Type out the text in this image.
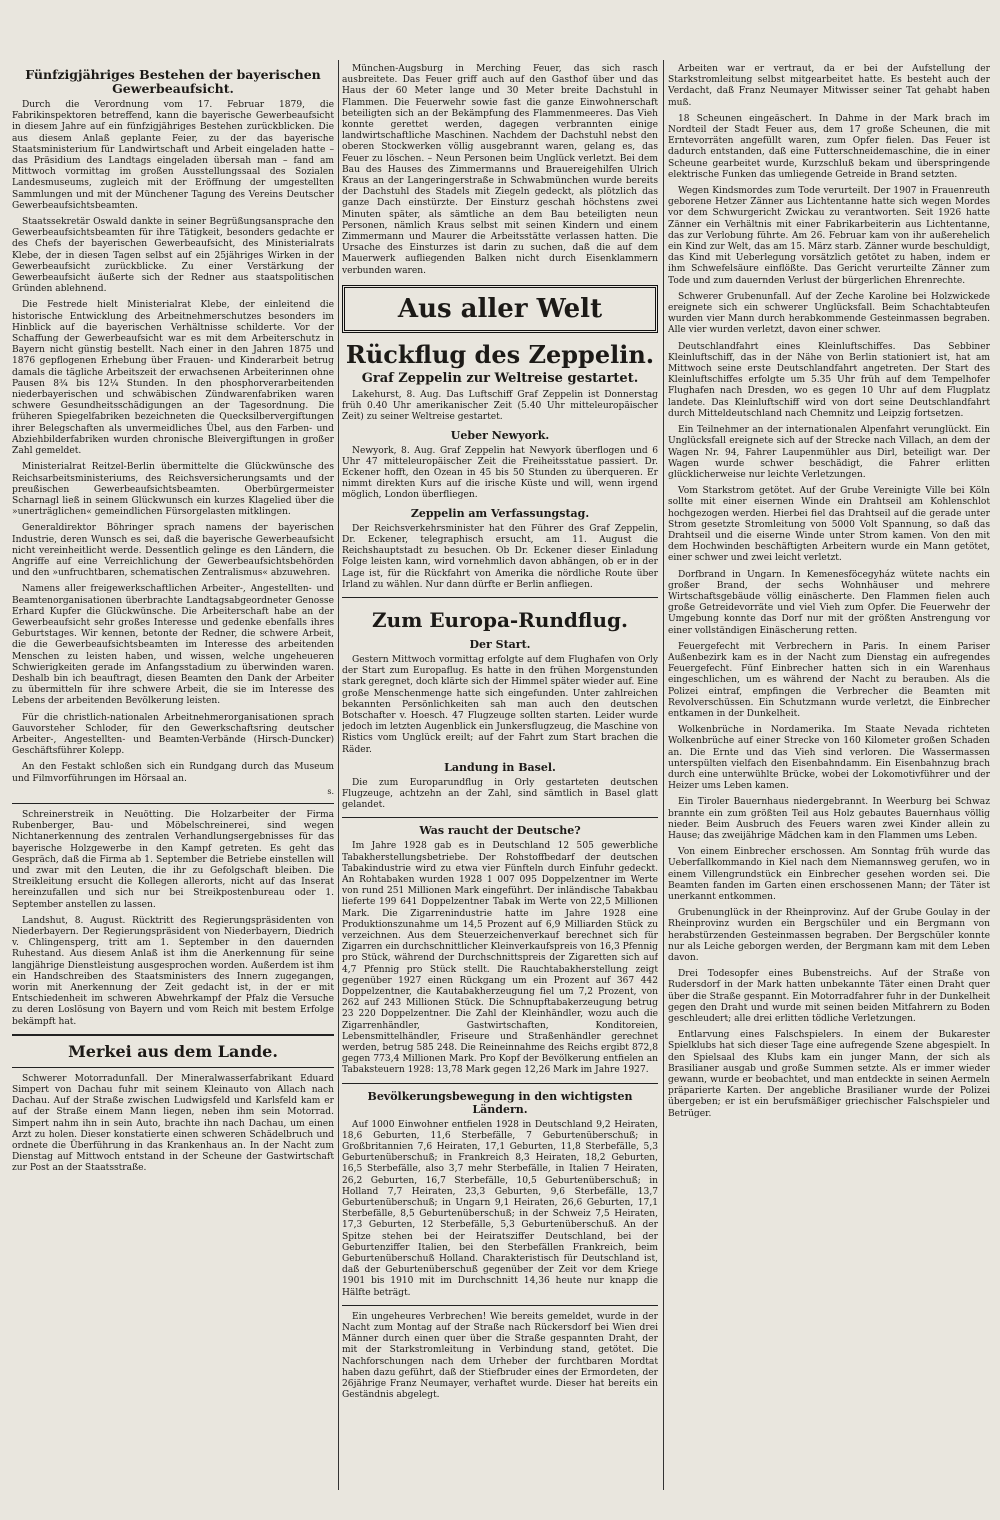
Fünfzigjähriges Bestehen der bayerischen Gewerbeaufsicht.

Durch die Verordnung vom 17. Februar 1879, die Fabrikinspektoren betreffend, kann die bayerische Gewerbeaufsicht in diesem Jahre auf ein fünfzigjähriges Bestehen zurückblicken. Die aus diesem Anlaß geplante Feier, zu der das bayerische Staatsministerium für Landwirtschaft und Arbeit eingeladen hatte – das Präsidium des Landtags eingeladen übersah man – fand am Mittwoch vormittag im großen Ausstellungssaal des Sozialen Landesmuseums, zugleich mit der Eröffnung der umgestellten Sammlungen und mit der Münchener Tagung des Vereins Deutscher Gewerbeaufsichtsbeamten.

Staatssekretär Oswald dankte in seiner Begrüßungsansprache den Gewerbeaufsichtsbeamten für ihre Tätigkeit, besonders gedachte er des Chefs der bayerischen Gewerbeaufsicht, des Ministerialrats Klebe, der in diesen Tagen selbst auf ein 25jähriges Wirken in der Gewerbeaufsicht zurückblicke. Zu einer Verstärkung der Gewerbeaufsicht äußerte sich der Redner aus staatspolitischen Gründen ablehnend.

Die Festrede hielt Ministerialrat Klebe, der einleitend die historische Entwicklung des Arbeitnehmerschutzes besonders im Hinblick auf die bayerischen Verhältnisse schilderte. Vor der Schaffung der Gewerbeaufsicht war es mit dem Arbeiterschutz in Bayern nicht günstig bestellt. Nach einer in den Jahren 1875 und 1876 gepflogenen Erhebung über Frauen- und Kinderarbeit betrug damals die tägliche Arbeitszeit der erwachsenen Arbeiterinnen ohne Pausen 8¾ bis 12¼ Stunden. In den phosphorverarbeitenden niederbayerischen und schwäbischen Zündwarenfabriken waren schwere Gesundheitsschädigungen an der Tagesordnung. Die früheren Spiegelfabriken bezeichneten die Quecksilbervergiftungen ihrer Belegschaften als unvermeidliches Übel, aus den Farben- und Abziehbilderfabriken wurden chronische Bleivergiftungen in großer Zahl gemeldet.

Ministerialrat Reitzel-Berlin übermittelte die Glückwünsche des Reichsarbeitsministeriums, des Reichsversicherungsamts und der preußischen Gewerbeaufsichtsbeamten. Oberbürgermeister Scharnagl ließ in seinem Glückwunsch ein kurzes Klagelied über die »unerträglichen« gemeindlichen Fürsorgelasten mitklingen.

Generaldirektor Böhringer sprach namens der bayerischen Industrie, deren Wunsch es sei, daß die bayerische Gewerbeaufsicht nicht vereinheitlicht werde. Dessentlich gelinge es den Ländern, die Angriffe auf eine Verreichlichung der Gewerbeaufsichtsbehörden und den »unfruchtbaren, schematischen Zentralismus« abzuwehren.

Namens aller freigewerkschaftlichen Arbeiter-, Angestellten- und Beamtenorganisationen überbrachte Landtagsabgeordneter Genosse Erhard Kupfer die Glückwünsche. Die Arbeiterschaft habe an der Gewerbeaufsicht sehr großes Interesse und gedenke ebenfalls ihres Geburtstages. Wir kennen, betonte der Redner, die schwere Arbeit, die die Gewerbeaufsichtsbeamten im Interesse des arbeitenden Menschen zu leisten haben, und wissen, welche ungeheueren Schwierigkeiten gerade im Anfangsstadium zu überwinden waren. Deshalb bin ich beauftragt, diesen Beamten den Dank der Arbeiter zu übermitteln für ihre schwere Arbeit, die sie im Interesse des Lebens der arbeitenden Bevölkerung leisten.

Für die christlich-nationalen Arbeitnehmerorganisationen sprach Gauvorsteher Schloder, für den Gewerkschaftsring deutscher Arbeiter-, Angestellten- und Beamten-Verbände (Hirsch-Duncker) Geschäftsführer Kolepp.

An den Festakt schloßen sich ein Rundgang durch das Museum und Filmvorführungen im Hörsaal an.

s.

Schreinerstreik in Neuötting. Die Holzarbeiter der Firma Rubenberger, Bau- und Möbelschreinerei, sind wegen Nichtanerkennung des zentralen Verhandlungsergebnisses für das bayerische Holzgewerbe in den Kampf getreten. Es geht das Gespräch, daß die Firma ab 1. September die Betriebe einstellen will und zwar mit den Leuten, die ihr zu Gefolgschaft bleiben. Die Streikleitung ersucht die Kollegen allerorts, nicht auf das Inserat hereinzufallen und sich nur bei Streikpostenbureau oder 1. September anstellen zu lassen.

Landshut, 8. August. Rücktritt des Regierungspräsidenten von Niederbayern. Der Regierungspräsident von Niederbayern, Diedrich v. Chlingensperg, tritt am 1. September in den dauernden Ruhestand. Aus diesem Anlaß ist ihm die Anerkennung für seine langjährige Dienstleistung ausgesprochen worden. Außerdem ist ihm ein Handschreiben des Staatsministers des Innern zugegangen, worin mit Anerkennung der Zeit gedacht ist, in der er mit Entschiedenheit im schweren Abwehrkampf der Pfalz die Versuche zu deren Loslösung von Bayern und vom Reich mit bestem Erfolge bekämpft hat.

Merkei aus dem Lande.

Schwerer Motorradunfall. Der Mineralwasserfabrikant Eduard Simpert von Dachau fuhr mit seinem Kleinauto von Allach nach Dachau. Auf der Straße zwischen Ludwigsfeld und Karlsfeld kam er auf der Straße einem Mann liegen, neben ihm sein Motorrad. Simpert nahm ihn in sein Auto, brachte ihn nach Dachau, um einen Arzt zu holen. Dieser konstatierte einen schweren Schädelbruch und ordnete die Überführung in das Krankenhaus an. In der Nacht zum Dienstag auf Mittwoch entstand in der Scheune der Gastwirtschaft zur Post an der Staatsstraße.

München-Augsburg in Merching Feuer, das sich rasch ausbreitete. Das Feuer griff auch auf den Gasthof über und das Haus der 60 Meter lange und 30 Meter breite Dachstuhl in Flammen. Die Feuerwehr sowie fast die ganze Einwohnerschaft beteiligten sich an der Bekämpfung des Flammenmeeres. Das Vieh konnte gerettet werden, dagegen verbrannten einige landwirtschaftliche Maschinen. Nachdem der Dachstuhl nebst den oberen Stockwerken völlig ausgebrannt waren, gelang es, das Feuer zu löschen. – Neun Personen beim Unglück verletzt. Bei dem Bau des Hauses des Zimmermanns und Brauereigehilfen Ulrich Kraus an der Langeringerstraße in Schwabmünchen wurde bereits der Dachstuhl des Stadels mit Ziegeln gedeckt, als plötzlich das ganze Dach einstürzte. Der Einsturz geschah höchstens zwei Minuten später, als sämtliche an dem Bau beteiligten neun Personen, nämlich Kraus selbst mit seinen Kindern und einem Zimmermann und Maurer die Arbeitsstätte verlassen hatten. Die Ursache des Einsturzes ist darin zu suchen, daß die auf dem Mauerwerk aufliegenden Balken nicht durch Eisenklammern verbunden waren.

Aus aller Welt
Rückflug des Zeppelin.
Graf Zeppelin zur Weltreise gestartet.

Lakehurst, 8. Aug. Das Luftschiff Graf Zeppelin ist Donnerstag früh 0.40 Uhr amerikanischer Zeit (5.40 Uhr mitteleuropäischer Zeit) zu seiner Weltreise gestartet.

Ueber Newyork.

Newyork, 8. Aug. Graf Zeppelin hat Newyork überflogen und 6 Uhr 47 mitteleuropäischer Zeit die Freiheitsstatue passiert. Dr. Eckener hofft, den Ozean in 45 bis 50 Stunden zu überqueren. Er nimmt direkten Kurs auf die irische Küste und will, wenn irgend möglich, London überfliegen.

Zeppelin am Verfassungstag.

Der Reichsverkehrsminister hat den Führer des Graf Zeppelin, Dr. Eckener, telegraphisch ersucht, am 11. August die Reichshauptstadt zu besuchen. Ob Dr. Eckener dieser Einladung Folge leisten kann, wird vornehmlich davon abhängen, ob er in der Lage ist, für die Rückfahrt von Amerika die nördliche Route über Irland zu wählen. Nur dann dürfte er Berlin anfliegen.

Zum Europa-Rundflug.
Der Start.

Gestern Mittwoch vormittag erfolgte auf dem Flughafen von Orly der Start zum Europaflug. Es hatte in den frühen Morgenstunden stark geregnet, doch klärte sich der Himmel später wieder auf. Eine große Menschenmenge hatte sich eingefunden. Unter zahlreichen bekannten Persönlichkeiten sah man auch den deutschen Botschafter v. Hoesch. 47 Flugzeuge sollten starten. Leider wurde jedoch im letzten Augenblick ein Junkersflugzeug, die Maschine von Ristics vom Unglück ereilt; auf der Fahrt zum Start brachen die Räder.

Landung in Basel.

Die zum Europarundflug in Orly gestarteten deutschen Flugzeuge, achtzehn an der Zahl, sind sämtlich in Basel glatt gelandet.

Was raucht der Deutsche?

Im Jahre 1928 gab es in Deutschland 12 505 gewerbliche Tabakherstellungsbetriebe. Der Rohstoffbedarf der deutschen Tabakindustrie wird zu etwa vier Fünfteln durch Einfuhr gedeckt. An Rohtabaken wurden 1928 1 007 095 Doppelzentner im Werte von rund 251 Millionen Mark eingeführt. Der inländische Tabakbau lieferte 199 641 Doppelzentner Tabak im Werte von 22,5 Millionen Mark. Die Zigarrenindustrie hatte im Jahre 1928 eine Produktionszunahme um 14,5 Prozent auf 6,9 Milliarden Stück zu verzeichnen. Aus dem Steuerzeichenverkauf berechnet sich für Zigarren ein durchschnittlicher Kleinverkaufspreis von 16,3 Pfennig pro Stück, während der Durchschnittspreis der Zigaretten sich auf 4,7 Pfennig pro Stück stellt. Die Rauchtabakherstellung zeigt gegenüber 1927 einen Rückgang um ein Prozent auf 367 442 Doppelzentner, die Kautabakherzeugung fiel um 7,2 Prozent, von 262 auf 243 Millionen Stück. Die Schnupftabakerzeugung betrug 23 220 Doppelzentner. Die Zahl der Kleinhändler, wozu auch die Zigarrenhändler, Gastwirtschaften, Konditoreien, Lebensmittelhändler, Friseure und Straßenhändler gerechnet werden, betrug 585 248. Die Reineinnahme des Reichs ergibt 872,8 gegen 773,4 Millionen Mark. Pro Kopf der Bevölkerung entfielen an Tabaksteuern 1928: 13,78 Mark gegen 12,26 Mark im Jahre 1927.

Bevölkerungsbewegung in den wichtigsten Ländern.

Auf 1000 Einwohner entfielen 1928 in Deutschland 9,2 Heiraten, 18,6 Geburten, 11,6 Sterbefälle, 7 Geburtenüberschuß; in Großbritannien 7,6 Heiraten, 17,1 Geburten, 11,8 Sterbefälle, 5,3 Geburtenüberschuß; in Frankreich 8,3 Heiraten, 18,2 Geburten, 16,5 Sterbefälle, also 3,7 mehr Sterbefälle, in Italien 7 Heiraten, 26,2 Geburten, 16,7 Sterbefälle, 10,5 Geburtenüberschuß; in Holland 7,7 Heiraten, 23,3 Geburten, 9,6 Sterbefälle, 13,7 Geburtenüberschuß; in Ungarn 9,1 Heiraten, 26,6 Geburten, 17,1 Sterbefälle, 8,5 Geburtenüberschuß; in der Schweiz 7,5 Heiraten, 17,3 Geburten, 12 Sterbefälle, 5,3 Geburtenüberschuß. An der Spitze stehen bei der Heiratsziffer Deutschland, bei der Geburtenziffer Italien, bei den Sterbefällen Frankreich, beim Geburtenüberschuß Holland. Charakteristisch für Deutschland ist, daß der Geburtenüberschuß gegenüber der Zeit vor dem Kriege 1901 bis 1910 mit im Durchschnitt 14,36 heute nur knapp die Hälfte beträgt.

Ein ungeheures Verbrechen! Wie bereits gemeldet, wurde in der Nacht zum Montag auf der Straße nach Rückersdorf bei Wien drei Männer durch einen quer über die Straße gespannten Draht, der mit der Starkstromleitung in Verbindung stand, getötet. Die Nachforschungen nach dem Urheber der furchtbaren Mordtat haben dazu geführt, daß der Stiefbruder eines der Ermordeten, der 26jährige Franz Neumayer, verhaftet wurde. Dieser hat bereits ein Geständnis abgelegt.

Arbeiten war er vertraut, da er bei der Aufstellung der Starkstromleitung selbst mitgearbeitet hatte. Es besteht auch der Verdacht, daß Franz Neumayer Mitwisser seiner Tat gehabt haben muß.

18 Scheunen eingeäschert. In Dahme in der Mark brach im Nordteil der Stadt Feuer aus, dem 17 große Scheunen, die mit Erntevorräten angefüllt waren, zum Opfer fielen. Das Feuer ist dadurch entstanden, daß eine Futterschneidemaschine, die in einer Scheune gearbeitet wurde, Kurzschluß bekam und überspringende elektrische Funken das umliegende Getreide in Brand setzten.

Wegen Kindsmordes zum Tode verurteilt. Der 1907 in Frauenreuth geborene Hetzer Zänner aus Lichtentanne hatte sich wegen Mordes vor dem Schwurgericht Zwickau zu verantworten. Seit 1926 hatte Zänner ein Verhältnis mit einer Fabrikarbeiterin aus Lichtentanne, das zur Verlobung führte. Am 26. Februar kam von ihr außerehelich ein Kind zur Welt, das am 15. März starb. Zänner wurde beschuldigt, das Kind mit Ueberlegung vorsätzlich getötet zu haben, indem er ihm Schwefelsäure einflößte. Das Gericht verurteilte Zänner zum Tode und zum dauernden Verlust der bürgerlichen Ehrenrechte.

Schwerer Grubenunfall. Auf der Zeche Karoline bei Holzwickede ereignete sich ein schwerer Unglücksfall. Beim Schachtabteufen wurden vier Mann durch herabkommende Gesteinmassen begraben. Alle vier wurden verletzt, davon einer schwer.

Deutschlandfahrt eines Kleinluftschiffes. Das Sebbiner Kleinluftschiff, das in der Nähe von Berlin stationiert ist, hat am Mittwoch seine erste Deutschlandfahrt angetreten. Der Start des Kleinluftschiffes erfolgte um 5.35 Uhr früh auf dem Tempelhofer Flughafen nach Dresden, wo es gegen 10 Uhr auf dem Flugplatz landete. Das Kleinluftschiff wird von dort seine Deutschlandfahrt durch Mitteldeutschland nach Chemnitz und Leipzig fortsetzen.

Ein Teilnehmer an der internationalen Alpenfahrt verunglückt. Ein Unglücksfall ereignete sich auf der Strecke nach Villach, an dem der Wagen Nr. 94, Fahrer Laupenmühler aus Dirl, beteiligt war. Der Wagen wurde schwer beschädigt, die Fahrer erlitten glücklicherweise nur leichte Verletzungen.

Vom Starkstrom getötet. Auf der Grube Vereinigte Ville bei Köln sollte mit einer eisernen Winde ein Drahtseil am Kohlenschlot hochgezogen werden. Hierbei fiel das Drahtseil auf die gerade unter Strom gesetzte Stromleitung von 5000 Volt Spannung, so daß das Drahtseil und die eiserne Winde unter Strom kamen. Von den mit dem Hochwinden beschäftigten Arbeitern wurde ein Mann getötet, einer schwer und zwei leicht verletzt.

Dorfbrand in Ungarn. In Kemenesföcegyház wütete nachts ein großer Brand, der sechs Wohnhäuser und mehrere Wirtschaftsgebäude völlig einäscherte. Den Flammen fielen auch große Getreidevorräte und viel Vieh zum Opfer. Die Feuerwehr der Umgebung konnte das Dorf nur mit der größten Anstrengung vor einer vollständigen Einäscherung retten.

Feuergefecht mit Verbrechern in Paris. In einem Pariser Außenbezirk kam es in der Nacht zum Dienstag ein aufregendes Feuergefecht. Fünf Einbrecher hatten sich in ein Warenhaus eingeschlichen, um es während der Nacht zu berauben. Als die Polizei eintraf, empfingen die Verbrecher die Beamten mit Revolverschüssen. Ein Schutzmann wurde verletzt, die Einbrecher entkamen in der Dunkelheit.

Wolkenbrüche in Nordamerika. Im Staate Nevada richteten Wolkenbrüche auf einer Strecke von 160 Kilometer großen Schaden an. Die Ernte und das Vieh sind verloren. Die Wassermassen unterspülten vielfach den Eisenbahndamm. Ein Eisenbahnzug brach durch eine unterwühlte Brücke, wobei der Lokomotivführer und der Heizer ums Leben kamen.

Ein Tiroler Bauernhaus niedergebrannt. In Weerburg bei Schwaz brannte ein zum größten Teil aus Holz gebautes Bauernhaus völlig nieder. Beim Ausbruch des Feuers waren zwei Kinder allein zu Hause; das zweijährige Mädchen kam in den Flammen ums Leben.

Von einem Einbrecher erschossen. Am Sonntag früh wurde das Ueberfallkommando in Kiel nach dem Niemannsweg gerufen, wo in einem Villengrundstück ein Einbrecher gesehen worden sei. Die Beamten fanden im Garten einen erschossenen Mann; der Täter ist unerkannt entkommen.

Grubenunglück in der Rheinprovinz. Auf der Grube Goulay in der Rheinprovinz wurden ein Bergschüler und ein Bergmann von herabstürzenden Gesteinmassen begraben. Der Bergschüler konnte nur als Leiche geborgen werden, der Bergmann kam mit dem Leben davon.

Drei Todesopfer eines Bubenstreichs. Auf der Straße von Rudersdorf in der Mark hatten unbekannte Täter einen Draht quer über die Straße gespannt. Ein Motorradfahrer fuhr in der Dunkelheit gegen den Draht und wurde mit seinen beiden Mitfahrern zu Boden geschleudert; alle drei erlitten tödliche Verletzungen.

Entlarvung eines Falschspielers. In einem der Bukarester Spielklubs hat sich dieser Tage eine aufregende Szene abgespielt. In den Spielsaal des Klubs kam ein junger Mann, der sich als Brasilianer ausgab und große Summen setzte. Als er immer wieder gewann, wurde er beobachtet, und man entdeckte in seinen Aermeln präparierte Karten. Der angebliche Brasilianer wurde der Polizei übergeben; er ist ein berufsmäßiger griechischer Falschspieler und Betrüger.
